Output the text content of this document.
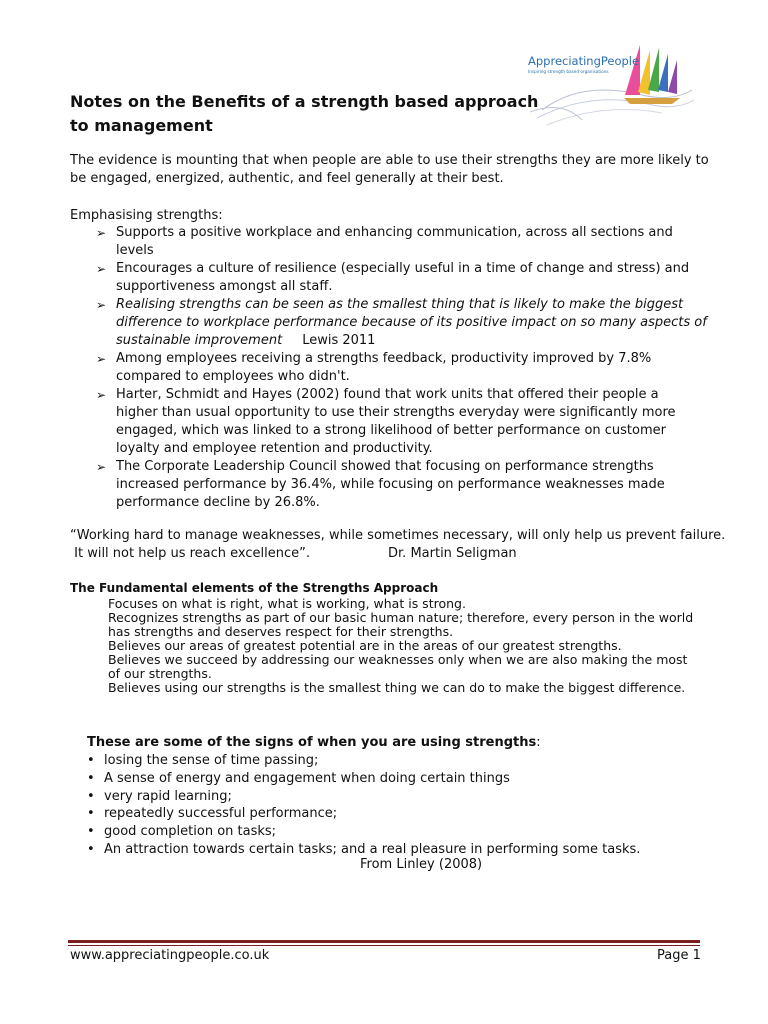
AppreciatingPeople
Inspiring strength based organisations
Notes on the Benefits of a strength based approach
to management
The evidence is mounting that when people are able to use their strengths they are more likely to
be engaged, energized, authentic, and feel generally at their best.
Emphasising strengths:
➢ Supports a positive workplace and enhancing communication, across all sections and
levels
➢ Encourages a culture of resilience (especially useful in a time of change and stress) and
supportiveness amongst all staff.
➢ Realising strengths can be seen as the smallest thing that is likely to make the biggest
difference to workplace performance because of its positive impact on so many aspects of
sustainable improvement Lewis 2011
➢ Among employees receiving a strengths feedback, productivity improved by 7.8%
compared to employees who didn't.
➢ Harter, Schmidt and Hayes (2002) found that work units that offered their people a
higher than usual opportunity to use their strengths everyday were significantly more
engaged, which was linked to a strong likelihood of better performance on customer
loyalty and employee retention and productivity.
➢ The Corporate Leadership Council showed that focusing on performance strengths
increased performance by 36.4%, while focusing on performance weaknesses made
performance decline by 26.8%.
“Working hard to manage weaknesses, while sometimes necessary, will only help us prevent failure.
It will not help us reach excellence”.	Dr. Martin Seligman
The Fundamental elements of the Strengths Approach
Focuses on what is right, what is working, what is strong.
Recognizes strengths as part of our basic human nature; therefore, every person in the world
has strengths and deserves respect for their strengths.
Believes our areas of greatest potential are in the areas of our greatest strengths.
Believes we succeed by addressing our weaknesses only when we are also making the most
of our strengths.
Believes using our strengths is the smallest thing we can do to make the biggest difference.
These are some of the signs of when you are using strengths:
• losing the sense of time passing;
• A sense of energy and engagement when doing certain things
• very rapid learning;
• repeatedly successful performance;
• good completion on tasks;
• An attraction towards certain tasks; and a real pleasure in performing some tasks.
From Linley (2008)
www.appreciatingpeople.co.uk	Page 1
